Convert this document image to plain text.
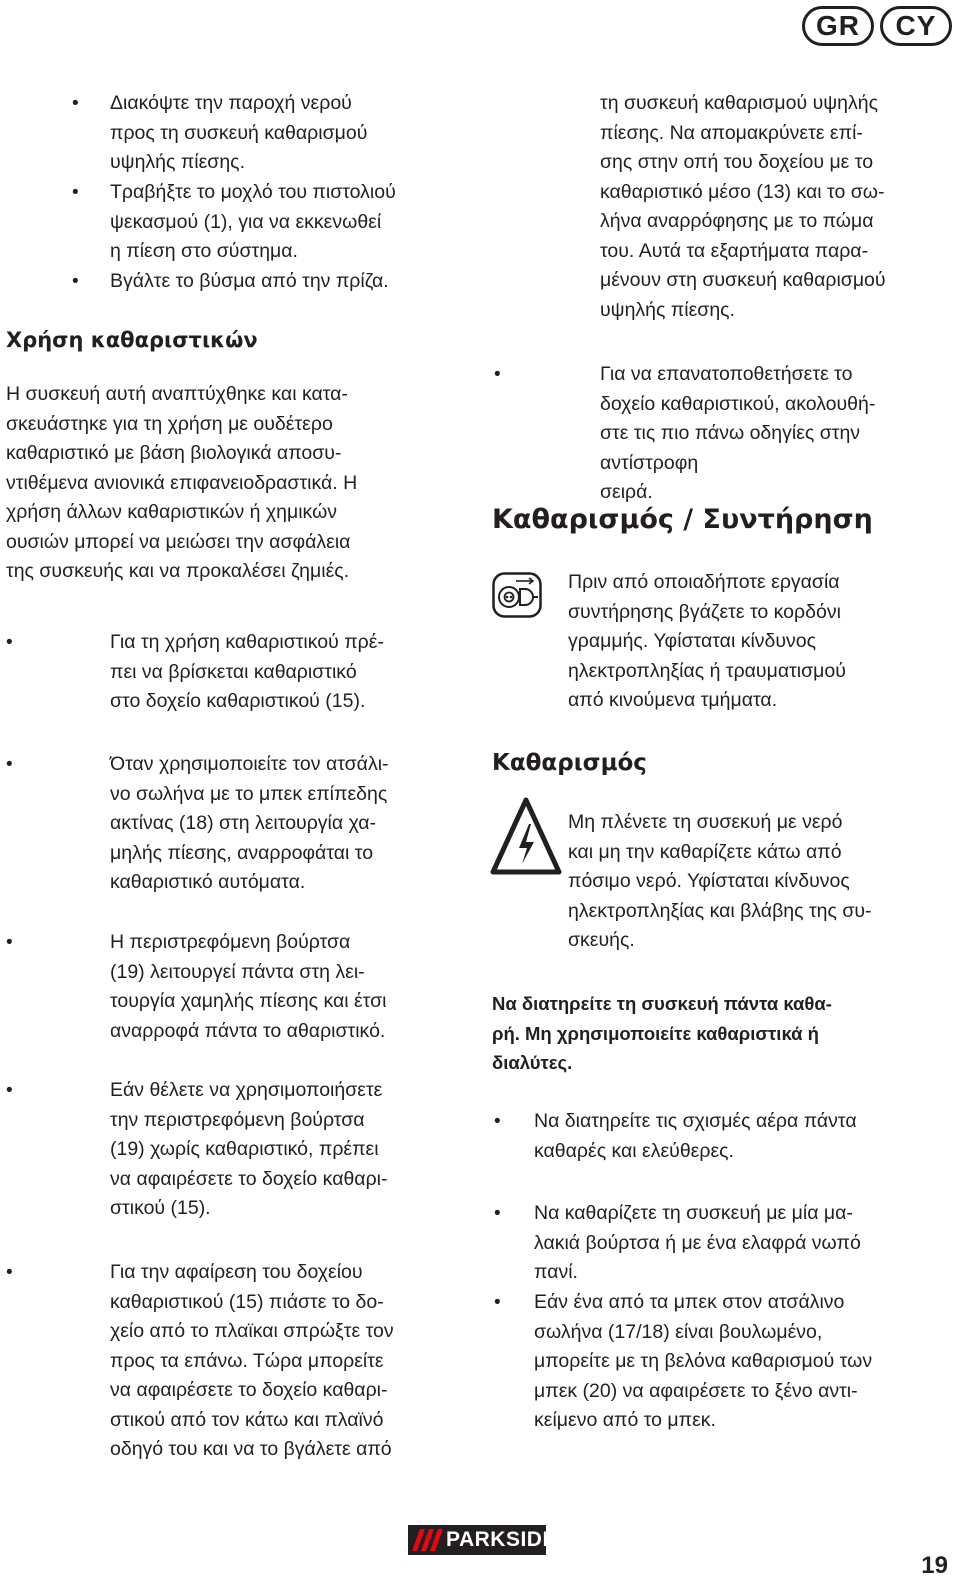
GR	CY
• Διακόψτε την παροχή νερού
προς τη συσκευή καθαρισμού
υψηλής πίεσης.

• Τραβήξτε το μοχλό του πιστολιού
ψεκασμού (1), για να εκκενωθεί
η πίεση στο σύστημα.

• Βγάλτε το βύσμα από την πρίζα.

Χρήση καθαριστικών

Η συσκευή αυτή αναπτύχθηκε και κατα-
σκευάστηκε για τη χρήση με ουδέτερο
καθαριστικό με βάση βιολογικά αποσυ-
ντιθέμενα ανιονικά επιφανειοδραστικά. Η
χρήση άλλων καθαριστικών ή χημικών
ουσιών μπορεί να μειώσει την ασφάλεια
της συσκευής και να προκαλέσει ζημιές.

•	Για τη χρήση καθαριστικού πρέ-
πει να βρίσκεται καθαριστικό
στο δοχείο καθαριστικού (15).

•	Όταν χρησιμοποιείτε τον ατσάλι-
νο σωλήνα με το μπεκ επίπεδης
ακτίνας (18) στη λειτουργία χα-
μηλής πίεσης, αναρροφάται το
καθαριστικό αυτόματα.

•	Η περιστρεφόμενη βούρτσα
(19) λειτουργεί πάντα στη λει-
τουργία χαμηλής πίεσης και έτσι
αναρροφά πάντα το αθαριστικό.

•	Εάν θέλετε να χρησιμοποιήσετε
την περιστρεφόμενη βούρτσα
(19) χωρίς καθαριστικό, πρέπει
να αφαιρέσετε το δοχείο καθαρι-
στικού (15).

•	Για την αφαίρεση του δοχείου
καθαριστικού (15) πιάστε το δο-
χείο από το πλαϊκαι σπρώξτε τον
προς τα επάνω. Τώρα μπορείτε
να αφαιρέσετε το δοχείο καθαρι-
στικού από τον κάτω και πλαϊνό
οδηγό του και να το βγάλετε από

τη συσκευή καθαρισμού υψηλής
πίεσης. Να απομακρύνετε επί-
σης στην οπή του δοχείου με το
καθαριστικό μέσο (13) και το σω-
λήνα αναρρόφησης με το πώμα
του. Αυτά τα εξαρτήματα παρα-
μένουν στη συσκευή καθαρισμού
υψηλής πίεσης.

•	Για να επανατοποθετήσετε το
δοχείο καθαριστικού, ακολουθή-
στε τις πιο πάνω οδηγίες στην
αντίστροφη
σειρά.

Καθαρισμός / Συντήρηση

Πριν από οποιαδήποτε εργασία
συντήρησης βγάζετε το κορδόνι
γραμμής. Υφίσταται κίνδυνος
ηλεκτροπληξίας ή τραυματισμού
από κινούμενα τμήματα.

Καθαρισμός

Μη πλένετε τη συσεκυή με νερό
και μη την καθαρίζετε κάτω από
πόσιμο νερό. Υφίσταται κίνδυνος
ηλεκτροπληξίας και βλάβης της συ-
σκευής.

Να διατηρείτε τη συσκευή πάντα καθα-
ρή. Μη χρησιμοποιείτε καθαριστικά ή
διαλύτες.

• Να διατηρείτε τις σχισμές αέρα πάντα
καθαρές και ελεύθερες.

• Να καθαρίζετε τη συσκευή με μία μα-
λακιά βούρτσα ή με ένα ελαφρά νωπό
πανί.

• Εάν ένα από τα μπεκ στον ατσάλινο
σωλήνα (17/18) είναι βουλωμένο,
μπορείτε με τη βελόνα καθαρισμού των
μπεκ (20) να αφαιρέσετε το ξένο αντι-
κείμενο από το μπεκ.

PARKSIDE
19
